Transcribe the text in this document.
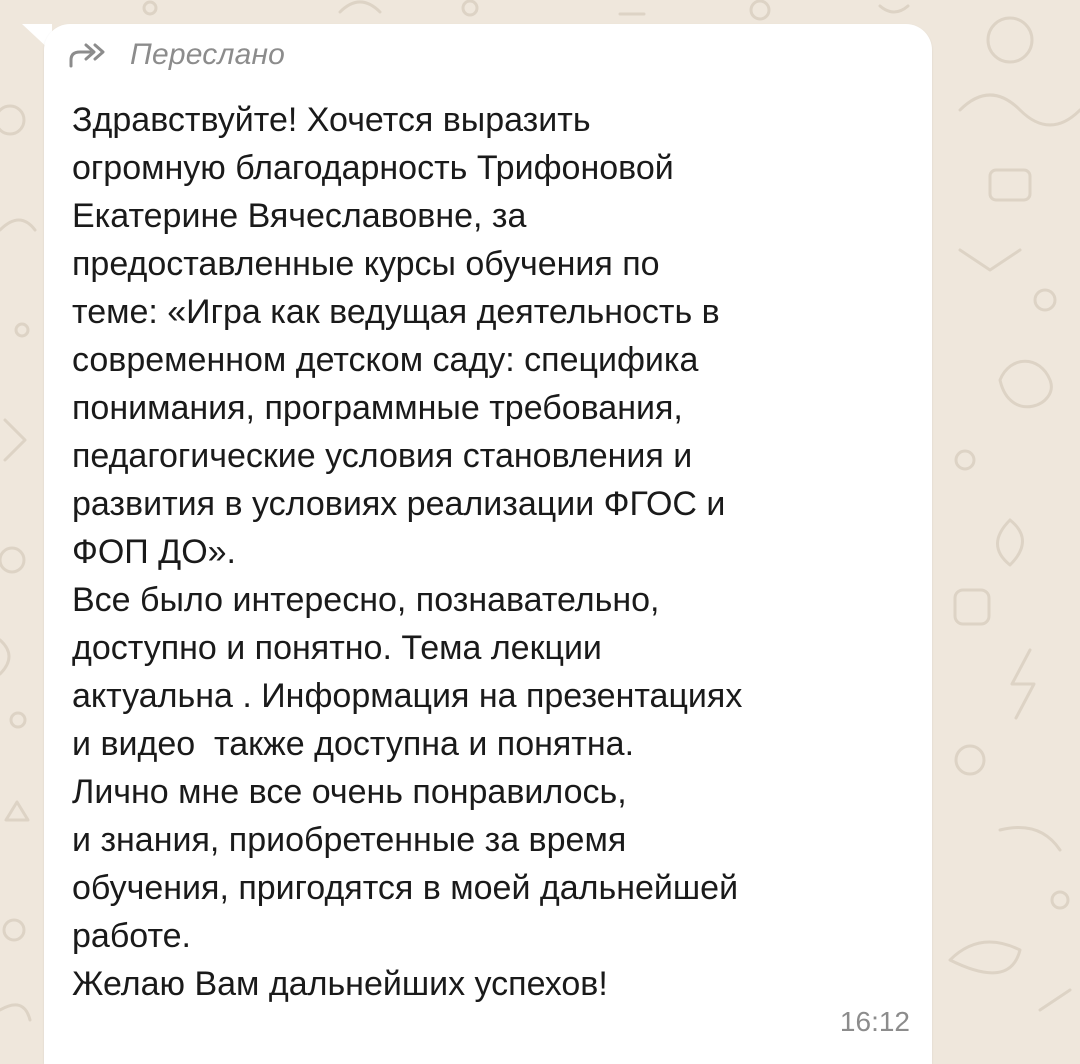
Переслано

Здравствуйте! Хочется выразить
огромную благодарность Трифоновой
Екатерине Вячеславовне, за
предоставленные курсы обучения по
теме: «Игра как ведущая деятельность в
современном детском саду: специфика
понимания, программные требования,
педагогические условия становления и
развития в условиях реализации ФГОС и
ФОП ДО».
Все было интересно, познавательно,
доступно и понятно. Тема лекции
актуальна . Информация на презентациях
и видео  также доступна и понятна.
Лично мне все очень понравилось,
и знания, приобретенные за время
обучения, пригодятся в моей дальнейшей
работе.
Желаю Вам дальнейших успехов!

16:12
